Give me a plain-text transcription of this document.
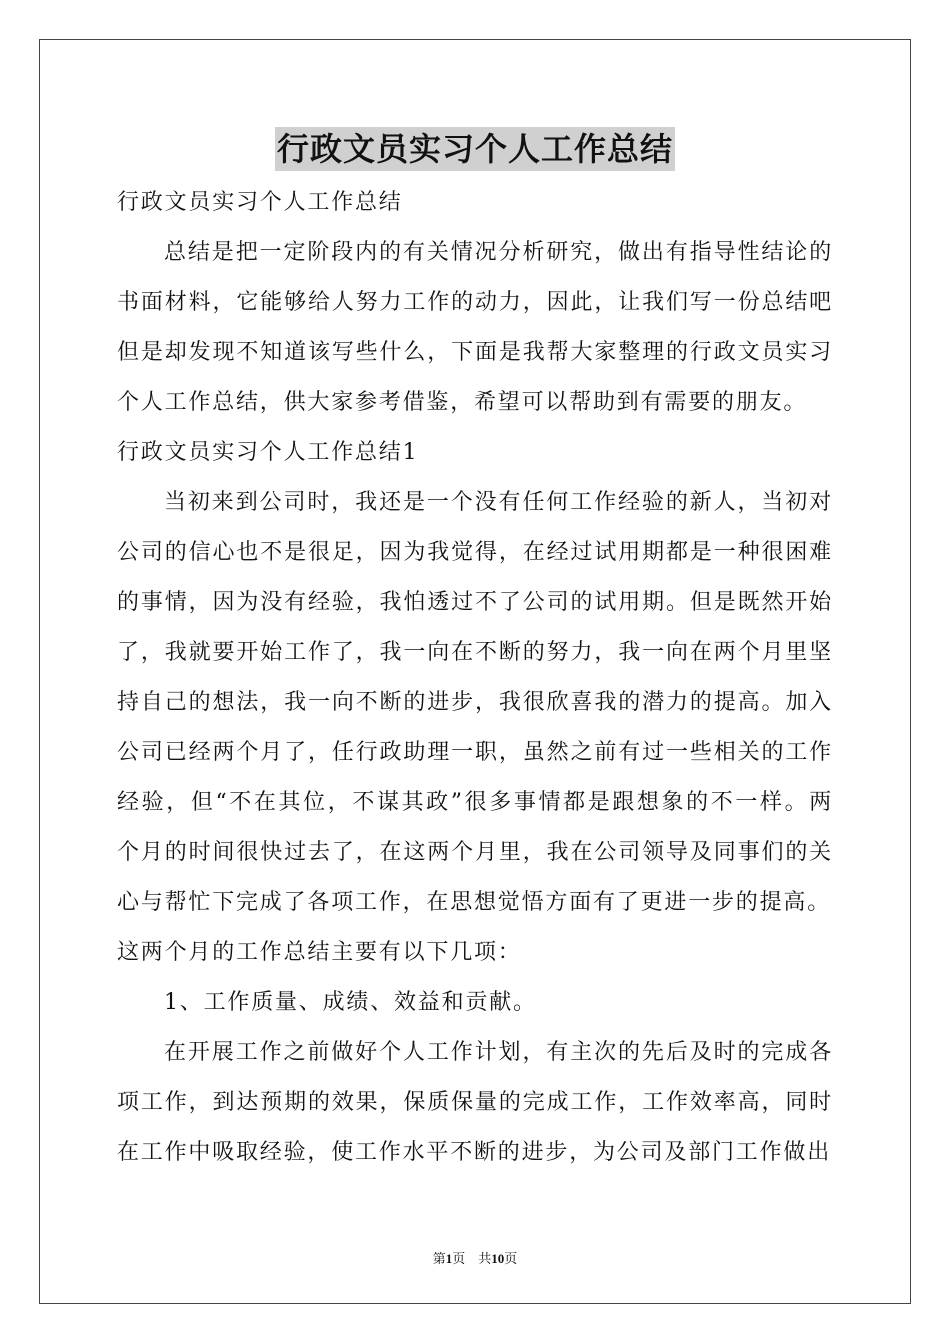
行政文员实习个人工作总结
行政文员实习个人工作总结

总结是把一定阶段内的有关情况分析研究，做出有指导性结论的书面材料，它能够给人努力工作的动力，因此，让我们写一份总结吧但是却发现不知道该写些什么，下面是我帮大家整理的行政文员实习个人工作总结，供大家参考借鉴，希望可以帮助到有需要的朋友。

行政文员实习个人工作总结1

当初来到公司时，我还是一个没有任何工作经验的新人，当初对公司的信心也不是很足，因为我觉得，在经过试用期都是一种很困难的事情，因为没有经验，我怕透过不了公司的试用期。但是既然开始了，我就要开始工作了，我一向在不断的努力，我一向在两个月里坚持自己的想法，我一向不断的进步，我很欣喜我的潜力的提高。加入公司已经两个月了，任行政助理一职，虽然之前有过一些相关的工作经验，但“不在其位，不谋其政”很多事情都是跟想象的不一样。两个月的时间很快过去了，在这两个月里，我在公司领导及同事们的关心与帮忙下完成了各项工作，在思想觉悟方面有了更进一步的提高。

这两个月的工作总结主要有以下几项：

1、工作质量、成绩、效益和贡献。

在开展工作之前做好个人工作计划，有主次的先后及时的完成各项工作，到达预期的效果，保质保量的完成工作，工作效率高，同时在工作中吸取经验，使工作水平不断的进步，为公司及部门工作做出

第1页　共10页
